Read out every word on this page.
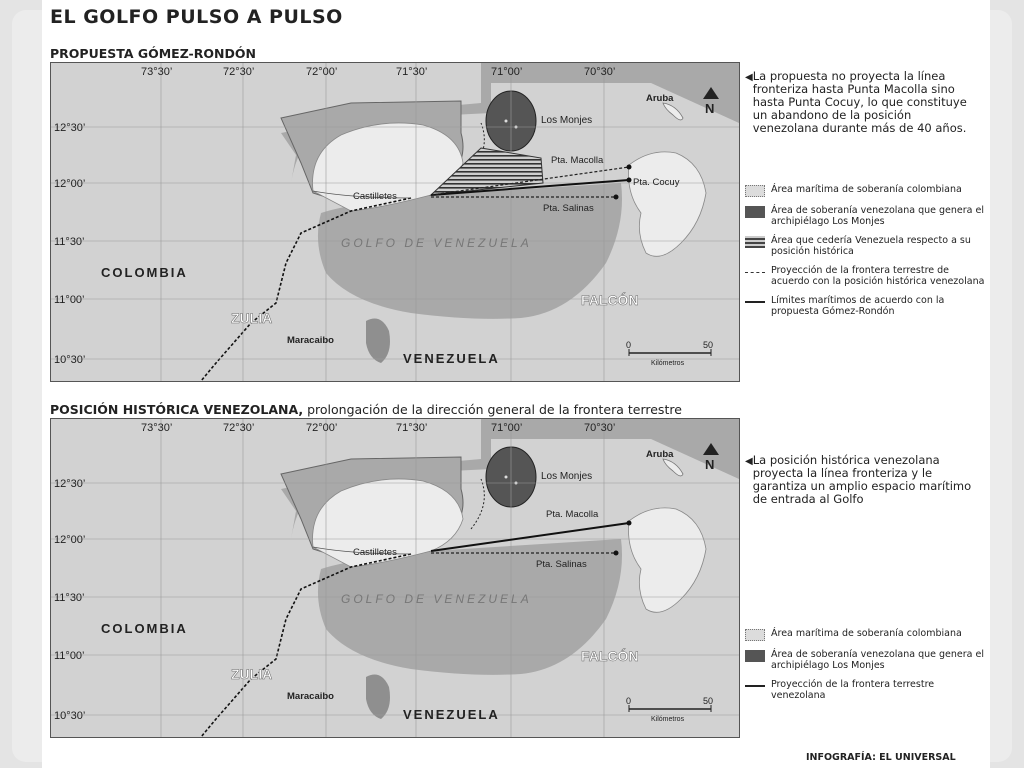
EL GOLFO PULSO A PULSO
PROPUESTA GÓMEZ-RONDÓN
73°30’	72°30’	72°00’	71°30’	71°00’	70°30’
12°30’
12°00’
11°30’
11°00’
10°30’
COLOMBIA
VENEZUELA
ZULIA
FALCÓN
Maracaibo
GOLFO DE VENEZUELA
Castilletes
Los Monjes
Aruba
N
0	50
Kilómetros
Pta. Macolla
Pta. Cocuy
Pta. Salinas
◀ La propuesta no proyecta la línea fronteriza hasta Punta Macolla sino hasta Punta Cocuy, lo que constituye un abandono de la posición venezolana durante más de 40 años.
Área marítima de soberanía colombiana
Área de soberanía venezolana que genera el archipiélago Los Monjes
Área que cedería Venezuela respecto a su posición histórica
Proyección de la frontera terrestre de acuerdo con la posición histórica venezolana
Límites marítimos de acuerdo con la propuesta Gómez-Rondón
POSICIÓN HISTÓRICA VENEZOLANA, prolongación de la dirección general de la frontera terrestre
73°30’	72°30’	72°00’	71°30’	71°00’	70°30’
12°30’
12°00’
11°30’
11°00’
10°30’
COLOMBIA
VENEZUELA
ZULIA
FALCÓN
Maracaibo
GOLFO DE VENEZUELA
Castilletes
Los Monjes
Aruba
N
0	50
Kilómetros
Pta. Macolla
Pta. Salinas
◀ La posición histórica venezolana proyecta la línea fronteriza y le garantiza un amplio espacio marítimo de entrada al Golfo
Área marítima de soberanía colombiana
Área de soberanía venezolana que genera el archipiélago Los Monjes
Proyección de la frontera terrestre venezolana

INFOGRAFÍA: EL UNIVERSAL
